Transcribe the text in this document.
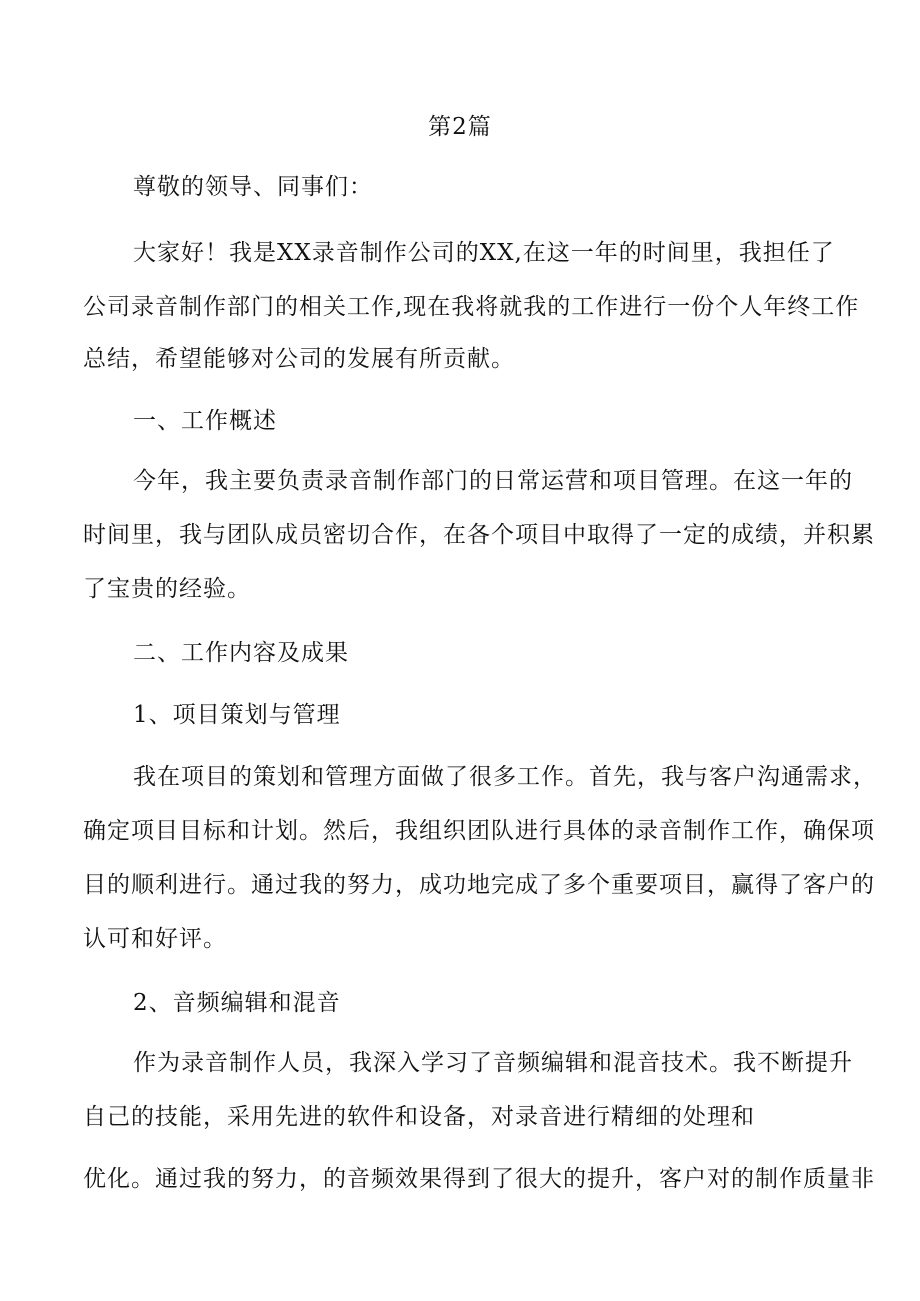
第2篇
尊敬的领导、同事们：
大家好！我是XX录音制作公司的XX,在这一年的时间里，我担任了
公司录音制作部门的相关工作,现在我将就我的工作进行一份个人年终工作
总结，希望能够对公司的发展有所贡献。
一、工作概述
今年，我主要负责录音制作部门的日常运营和项目管理。在这一年的
时间里，我与团队成员密切合作，在各个项目中取得了一定的成绩，并积累
了宝贵的经验。
二、工作内容及成果
1、项目策划与管理
我在项目的策划和管理方面做了很多工作。首先，我与客户沟通需求，
确定项目目标和计划。然后，我组织团队进行具体的录音制作工作，确保项
目的顺利进行。通过我的努力，成功地完成了多个重要项目，赢得了客户的
认可和好评。
2、音频编辑和混音
作为录音制作人员，我深入学习了音频编辑和混音技术。我不断提升
自己的技能，采用先进的软件和设备，对录音进行精细的处理和
优化。通过我的努力，的音频效果得到了很大的提升，客户对的制作质量非
